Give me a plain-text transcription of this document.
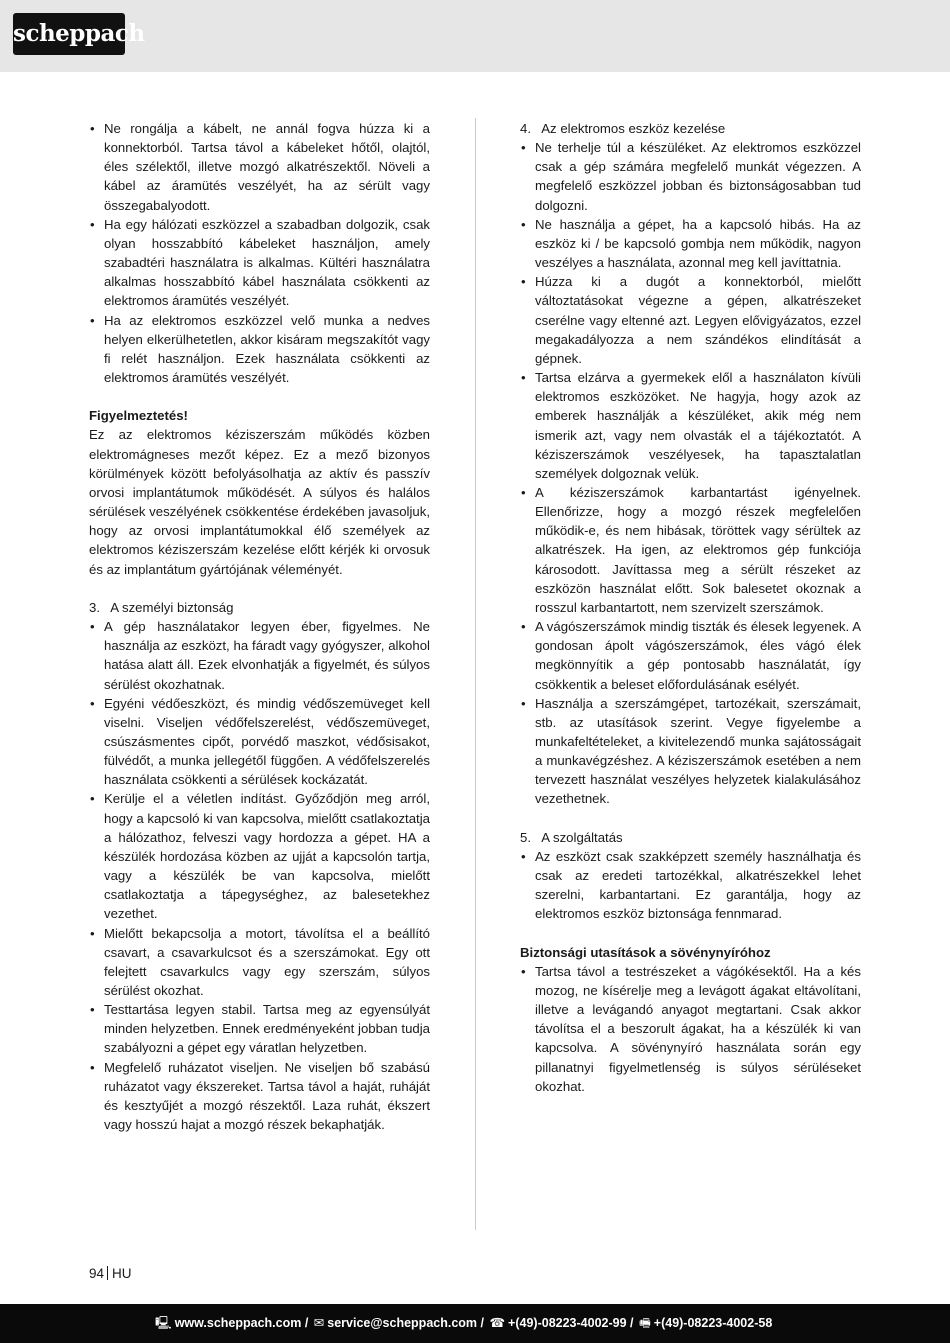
scheppach
• Ne rongálja a kábelt, ne annál fogva húzza ki a konnektorból. Tartsa távol a kábeleket hőtől, olajtól, éles szélektől, illetve mozgó alkatrészektől. Növeli a kábel az áramütés veszélyét, ha az sérült vagy összegabalyodott.
• Ha egy hálózati eszközzel a szabadban dolgozik, csak olyan hosszabbító kábeleket használjon, amely szabadtéri használatra is alkalmas. Kültéri használatra alkalmas hosszabbító kábel használata csökkenti az elektromos áramütés veszélyét.
• Ha az elektromos eszközzel velő munka a nedves helyen elkerülhetetlen, akkor kisáram megszakítót vagy fi relét használjon. Ezek használata csökkenti az elektromos áramütés veszélyét.

Figyelmeztetés!

Ez az elektromos kéziszerszám működés közben elektromágneses mezőt képez. Ez a mező bizonyos körülmények között befolyásolhatja az aktív és passzív orvosi implantátumok működését. A súlyos és halálos sérülések veszélyének csökkentése érdekében javasoljuk, hogy az orvosi implantátumokkal élő személyek az elektromos kéziszerszám kezelése előtt kérjék ki orvosuk és az implantátum gyártójának véleményét.

3.   A személyi biztonság

• A gép használatakor legyen éber, figyelmes. Ne használja az eszközt, ha fáradt vagy gyógyszer, alkohol hatása alatt áll. Ezek elvonhatják a figyelmét, és súlyos sérülést okozhatnak.
• Egyéni védőeszközt, és mindig védőszemüveget kell viselni. Viseljen védőfelszerelést, védőszemüveget, csúszásmentes cipőt, porvédő maszkot, védősisakot, fülvédőt, a munka jellegétől függően. A védőfelszerelés használata csökkenti a sérülések kockázatát.
• Kerülje el a véletlen indítást. Győződjön meg arról, hogy a kapcsoló ki van kapcsolva, mielőtt csatlakoztatja a hálózathoz, felveszi vagy hordozza a gépet. HA a készülék hordozása közben az ujját a kapcsolón tartja, vagy a készülék be van kapcsolva, mielőtt csatlakoztatja a tápegységhez, az balesetekhez vezethet.
• Mielőtt bekapcsolja a motort, távolítsa el a beállító csavart, a csavarkulcsot és a szerszámokat. Egy ott felejtett csavarkulcs vagy egy szerszám, súlyos sérülést okozhat.
• Testtartása legyen stabil. Tartsa meg az egyensúlyát minden helyzetben. Ennek eredményeként jobban tudja szabályozni a gépet egy váratlan helyzetben.
• Megfelelő ruházatot viseljen. Ne viseljen bő szabású ruházatot vagy ékszereket. Tartsa távol a haját, ruháját és kesztyűjét a mozgó részektől. Laza ruhát, ékszert vagy hosszú hajat a mozgó részek bekaphatják.

4.   Az elektromos eszköz kezelése

• Ne terhelje túl a készüléket. Az elektromos eszközzel csak a gép számára megfelelő munkát végezzen. A megfelelő eszközzel jobban és biztonságosabban tud dolgozni.
• Ne használja a gépet, ha a kapcsoló hibás. Ha az eszköz ki / be kapcsoló gombja nem működik, nagyon veszélyes a használata, azonnal meg kell javíttatnia.
• Húzza ki a dugót a konnektorból, mielőtt változtatásokat végezne a gépen, alkatrészeket cserélne vagy eltenné azt. Legyen elővigyázatos, ezzel megakadályozza a nem szándékos elindítását a gépnek.
• Tartsa elzárva a gyermekek elől a használaton kívüli elektromos eszközöket. Ne hagyja, hogy azok az emberek használják a készüléket, akik még nem ismerik azt, vagy nem olvasták el a tájékoztatót. A kéziszerszámok veszélyesek, ha tapasztalatlan személyek dolgoznak velük.
• A kéziszerszámok karbantartást igényelnek. Ellenőrizze, hogy a mozgó részek megfelelően működik-e, és nem hibásak, töröttek vagy sérültek az alkatrészek. Ha igen, az elektromos gép funkciója károsodott. Javíttassa meg a sérült részeket az eszközön használat előtt. Sok balesetet okoznak a rosszul karbantartott, nem szervizelt szerszámok.
• A vágószerszámok mindig tiszták és élesek legyenek. A gondosan ápolt vágószerszámok, éles vágó élek megkönnyítik a gép pontosabb használatát, így csökkentik a beleset előfordulásának esélyét.
• Használja a szerszámgépet, tartozékait, szerszámait, stb. az utasítások szerint. Vegye figyelembe a munkafeltételeket, a kivitelezendő munka sajátosságait a munkavégzéshez. A kéziszerszámok esetében a nem tervezett használat veszélyes helyzetek kialakulásához vezethetnek.

5.   A szolgáltatás

• Az eszközt csak szakképzett személy használhatja és csak az eredeti tartozékkal, alkatrészekkel lehet szerelni, karbantartani. Ez garantálja, hogy az elektromos eszköz biztonsága fennmarad.

Biztonsági utasítások a sövénynyíróhoz

• Tartsa távol a testrészeket a vágókésektől. Ha a kés mozog, ne kísérelje meg a levágott ágakat eltávolítani, illetve a levágandó anyagot megtartani. Csak akkor távolítsa el a beszorult ágakat, ha a készülék ki van kapcsolva. A sövénynyíró használata során egy pillanatnyi figyelmetlenség is súlyos sérüléseket okozhat.
94 HU
🖳 www.scheppach.com / ✉ service@scheppach.com / ☎ +(49)-08223-4002-99 / 🖷 +(49)-08223-4002-58
